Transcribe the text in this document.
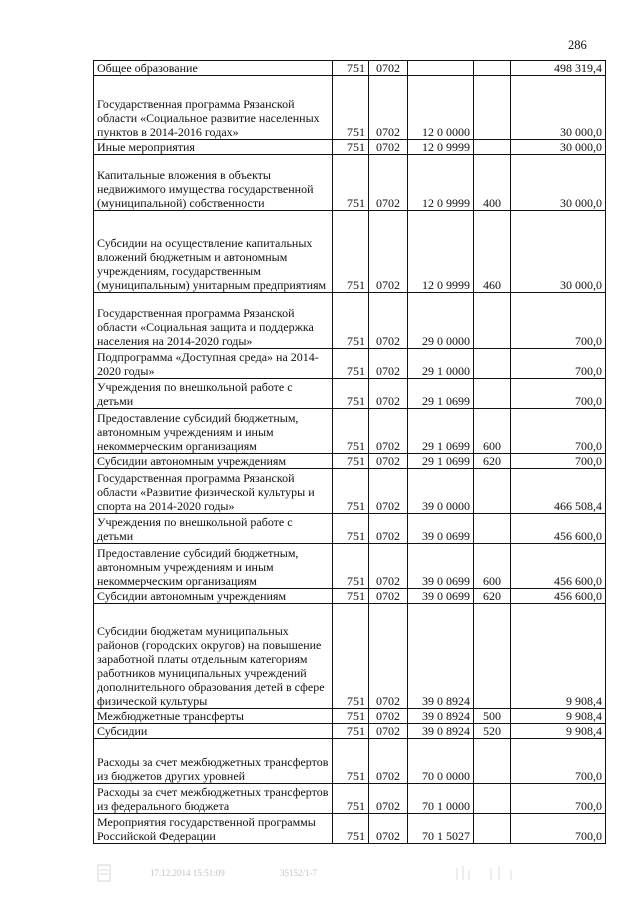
286
Общее образование	751	0702			498 319,4
Государственная программа Рязанской области «Социальное развитие населенных пунктов в 2014-2016 годах»	751	0702	12 0 0000		30 000,0
Иные мероприятия	751	0702	12 0 9999		30 000,0
Капитальные вложения в объекты недвижимого имущества государственной (муниципальной) собственности	751	0702	12 0 9999	400	30 000,0
Субсидии на осуществление капитальных вложений бюджетным и автономным учреждениям, государственным (муниципальным) унитарным предприятиям	751	0702	12 0 9999	460	30 000,0
Государственная программа Рязанской области «Социальная защита и поддержка населения на 2014-2020 годы»	751	0702	29 0 0000		700,0
Подпрограмма «Доступная среда» на 2014-2020 годы»	751	0702	29 1 0000		700,0
Учреждения по внешкольной работе с детьми	751	0702	29 1 0699		700,0
Предоставление субсидий бюджетным, автономным учреждениям и иным некоммерческим организациям	751	0702	29 1 0699	600	700,0
Субсидии автономным учреждениям	751	0702	29 1 0699	620	700,0
Государственная программа Рязанской области «Развитие физической культуры и спорта на 2014-2020 годы»	751	0702	39 0 0000		466 508,4
Учреждения по внешкольной работе с детьми	751	0702	39 0 0699		456 600,0
Предоставление субсидий бюджетным, автономным учреждениям и иным некоммерческим организациям	751	0702	39 0 0699	600	456 600,0
Субсидии автономным учреждениям	751	0702	39 0 0699	620	456 600,0
Субсидии бюджетам муниципальных районов (городских округов) на повышение заработной платы отдельным категориям работников муниципальных учреждений дополнительного образования детей в сфере физической культуры	751	0702	39 0 8924		9 908,4
Межбюджетные трансферты	751	0702	39 0 8924	500	9 908,4
Субсидии	751	0702	39 0 8924	520	9 908,4
Расходы за счет межбюджетных трансфертов из бюджетов других уровней	751	0702	70 0 0000		700,0
Расходы за счет межбюджетных трансфертов из федерального бюджета	751	0702	70 1 0000		700,0
Мероприятия государственной программы Российской Федерации	751	0702	70 1 5027		700,0
17.12.2014 15:51:09	35152/1-7
